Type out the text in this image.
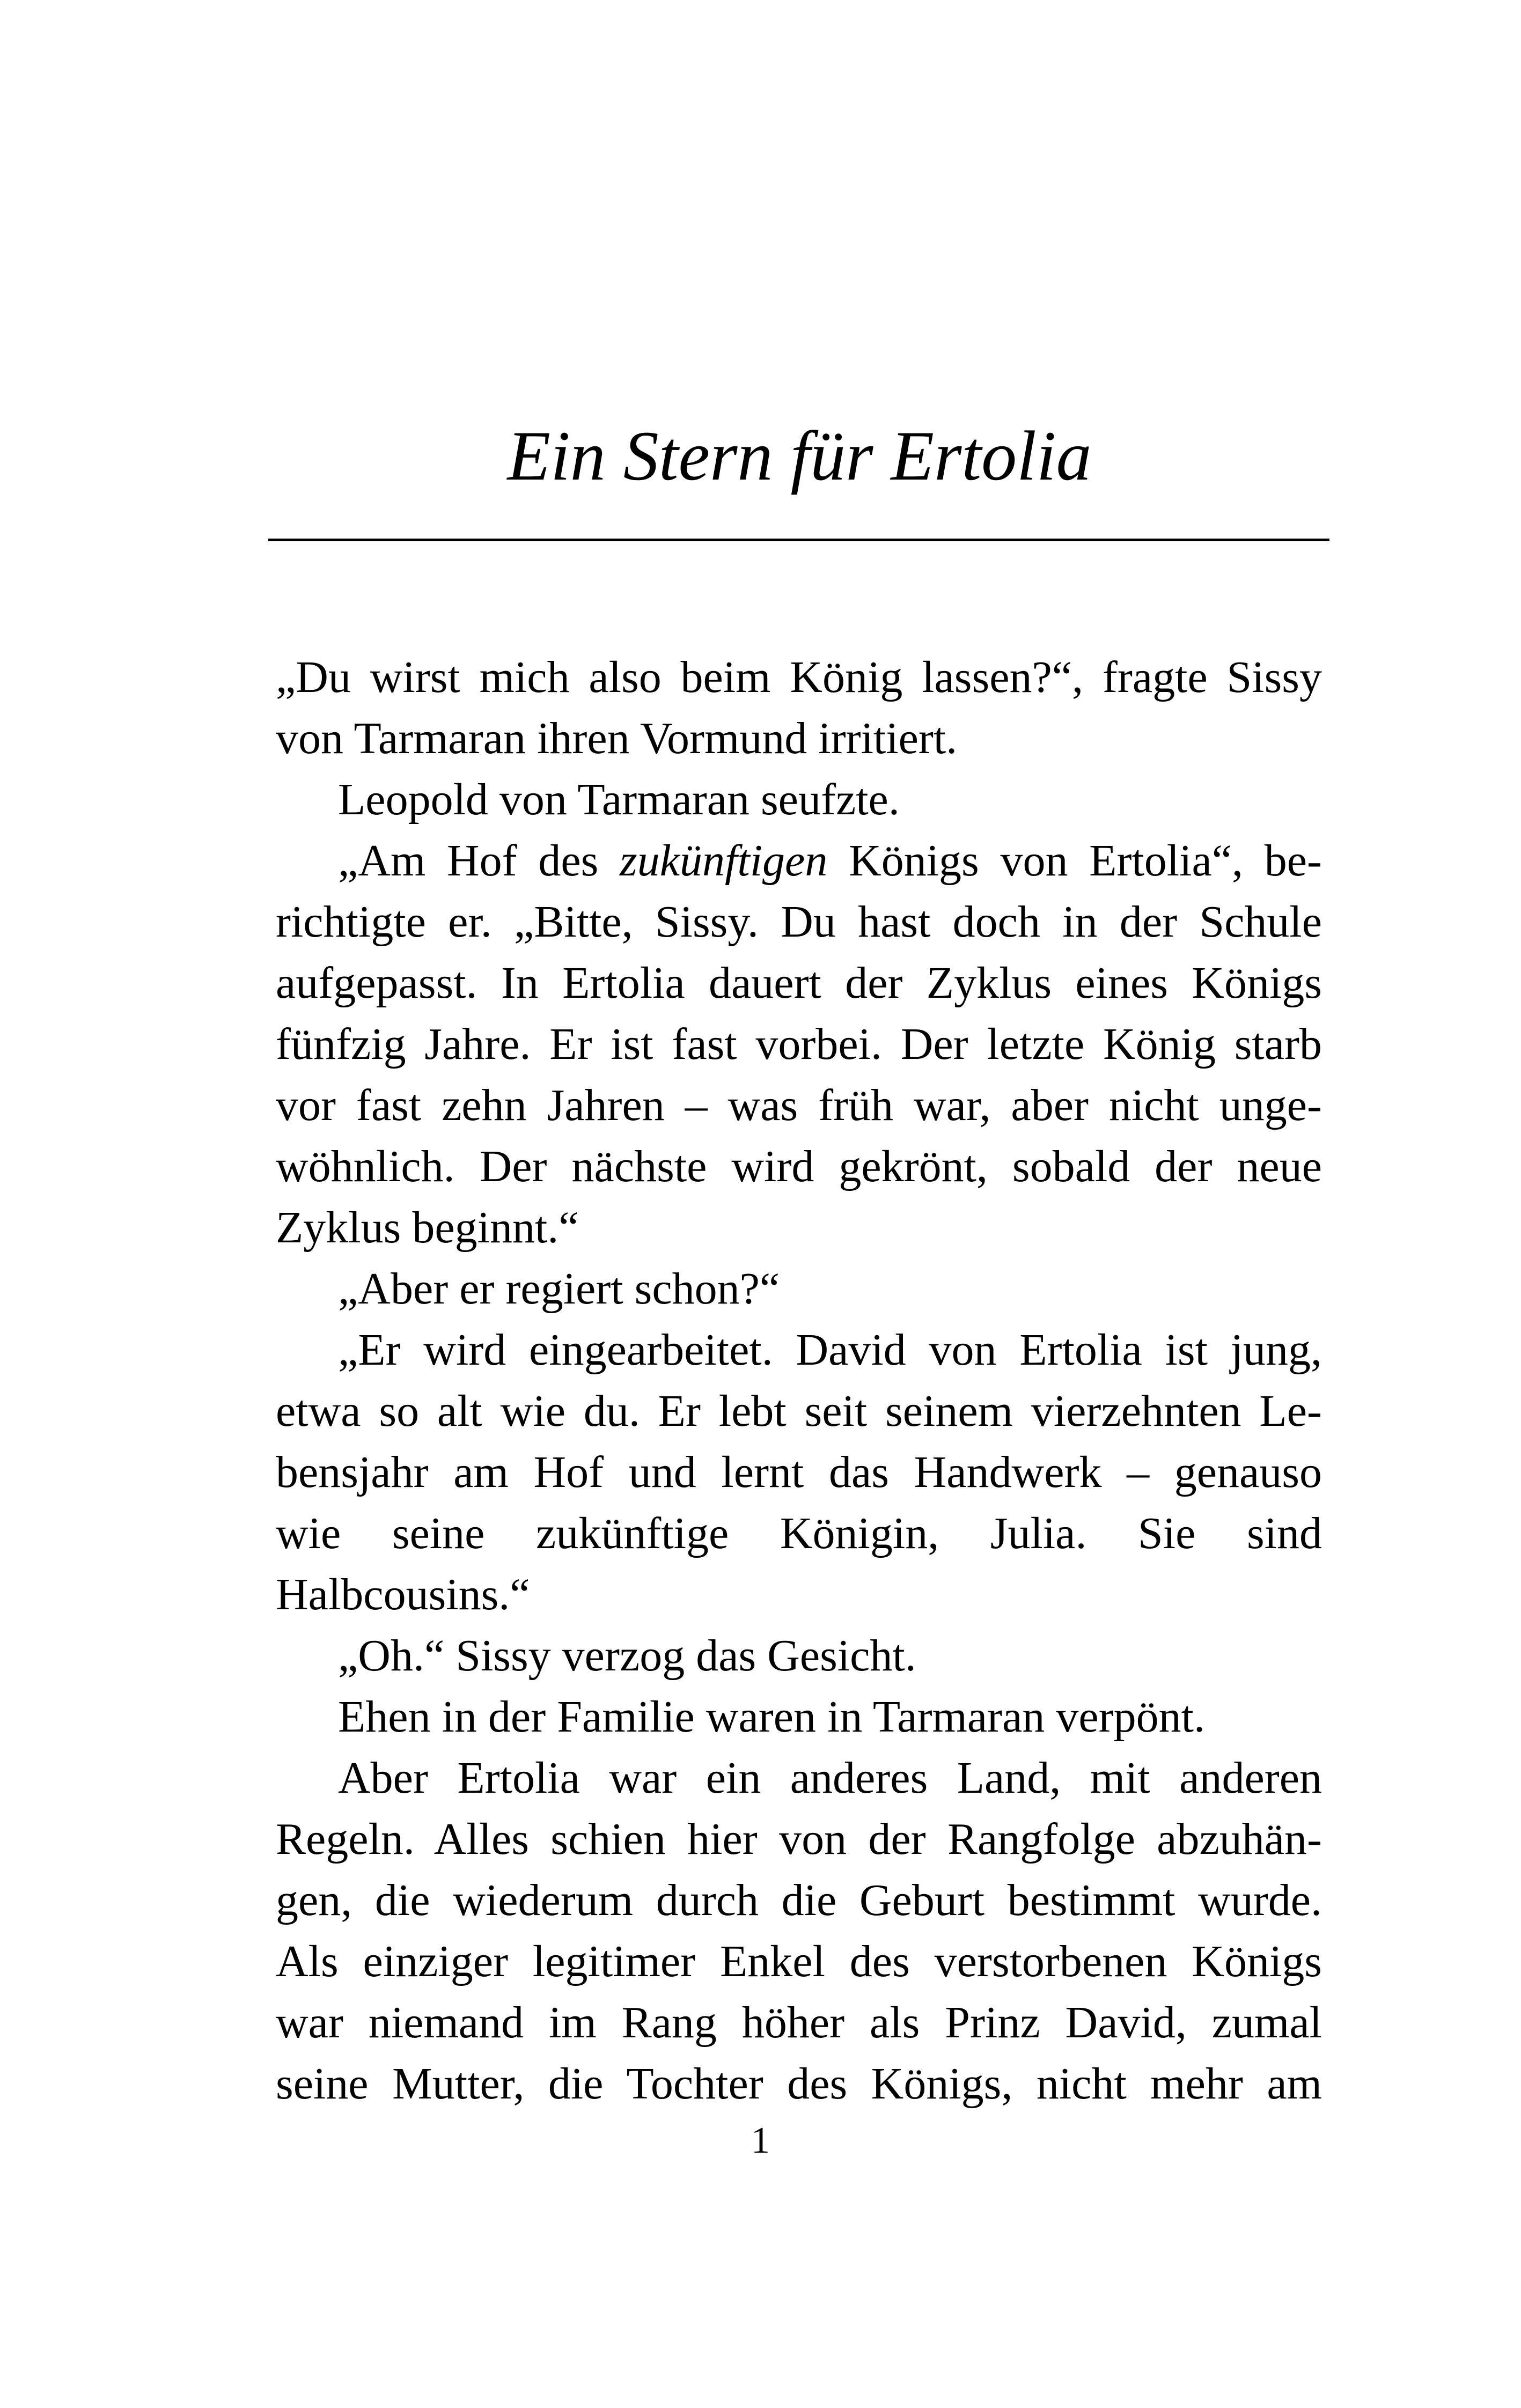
Ein Stern für Ertolia
„Du wirst mich also beim König lassen?“, fragte Sissy
von Tarmaran ihren Vormund irritiert.
Leopold von Tarmaran seufzte.
„Am Hof des zukünftigen Königs von Ertolia“, be-
richtigte er. „Bitte, Sissy. Du hast doch in der Schule
aufgepasst. In Ertolia dauert der Zyklus eines Königs
fünfzig Jahre. Er ist fast vorbei. Der letzte König starb
vor fast zehn Jahren – was früh war, aber nicht unge-
wöhnlich. Der nächste wird gekrönt, sobald der neue
Zyklus beginnt.“
„Aber er regiert schon?“
„Er wird eingearbeitet. David von Ertolia ist jung,
etwa so alt wie du. Er lebt seit seinem vierzehnten Le-
bensjahr am Hof und lernt das Handwerk – genauso
wie seine zukünftige Königin, Julia. Sie sind
Halbcousins.“
„Oh.“ Sissy verzog das Gesicht.
Ehen in der Familie waren in Tarmaran verpönt.
Aber Ertolia war ein anderes Land, mit anderen
Regeln. Alles schien hier von der Rangfolge abzuhän-
gen, die wiederum durch die Geburt bestimmt wurde.
Als einziger legitimer Enkel des verstorbenen Königs
war niemand im Rang höher als Prinz David, zumal
seine Mutter, die Tochter des Königs, nicht mehr am
1
